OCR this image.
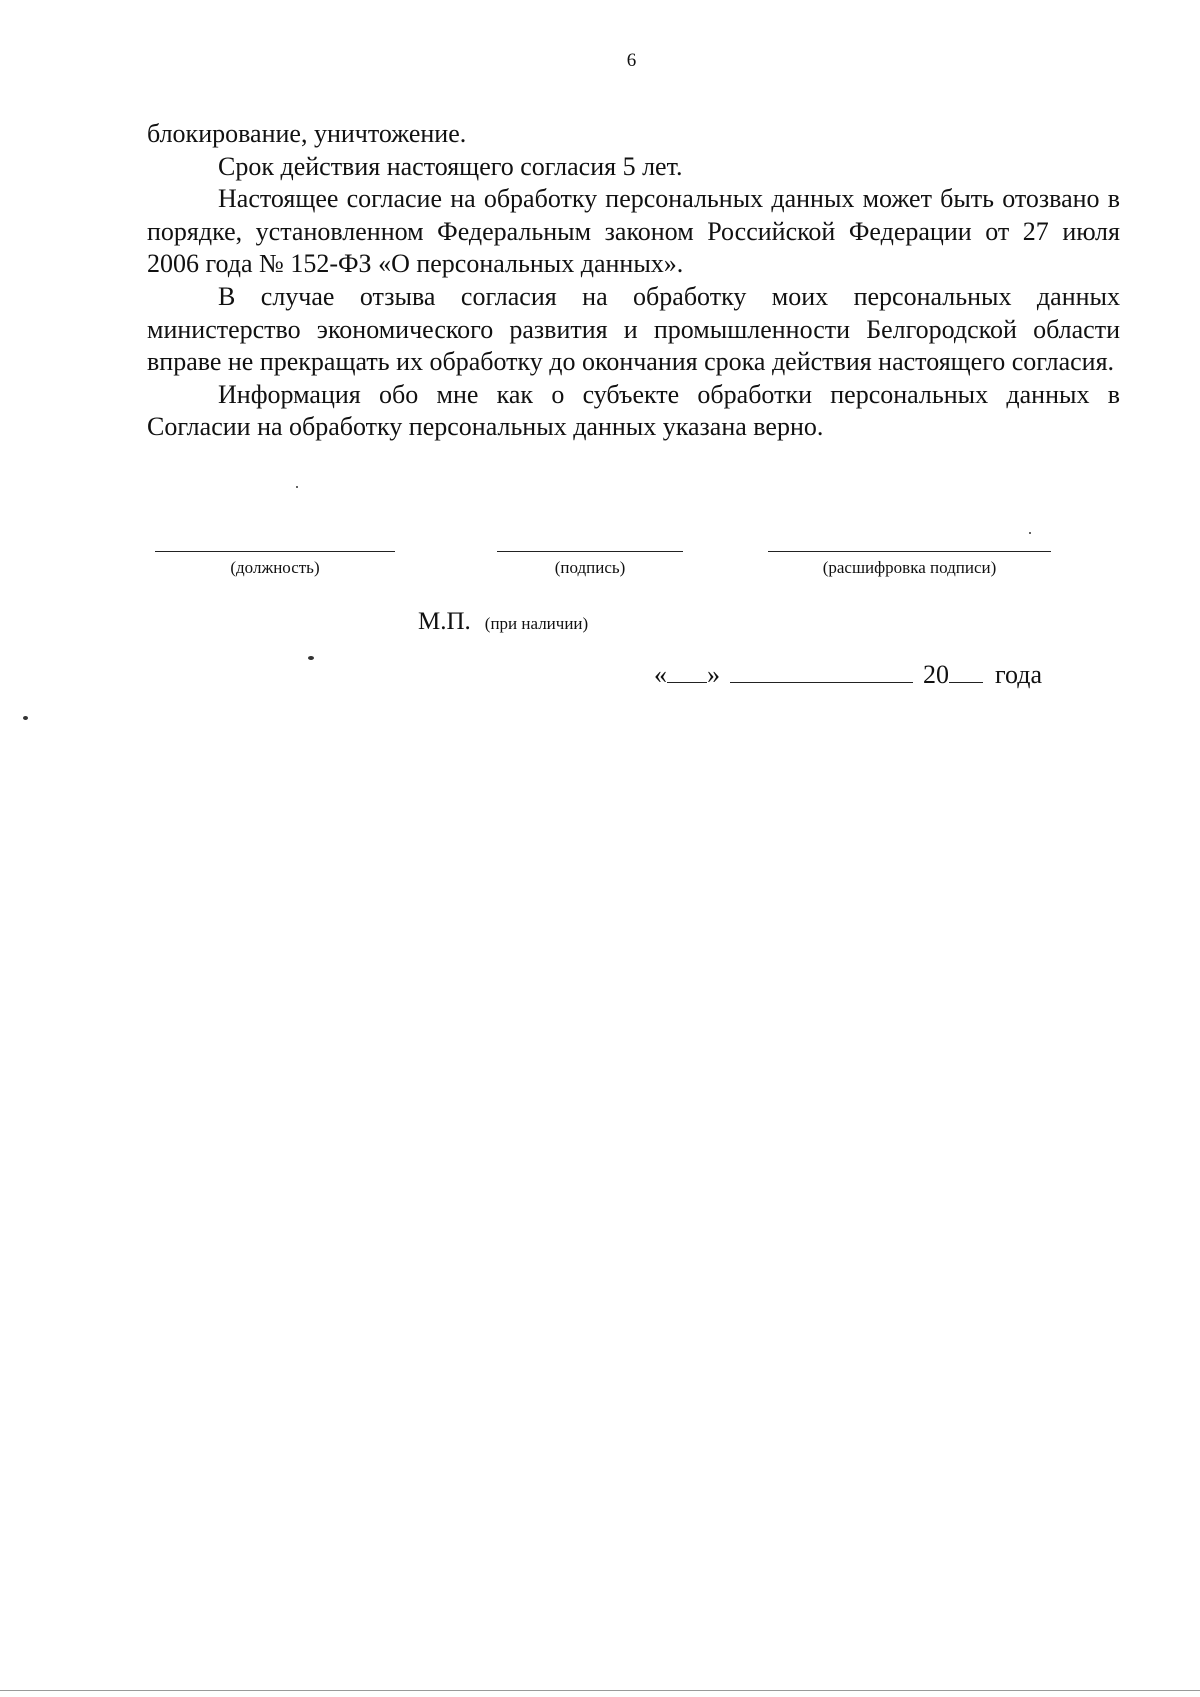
6

блокирование, уничтожение.

Срок действия настоящего согласия 5 лет.

Настоящее согласие на обработку персональных данных может быть отозвано в порядке, установленном Федеральным законом Российской Федерации от 27 июля 2006 года № 152-ФЗ «О персональных данных».

В случае отзыва согласия на обработку моих персональных данных министерство экономического развития и промышленности Белгородской области вправе не прекращать их обработку до окончания срока действия настоящего согласия.

Информация обо мне как о субъекте обработки персональных данных в Согласии на обработку персональных данных указана верно.

(должность)	(подпись)	(расшифровка подписи)
М.П. (при наличии)
« »	20 года
